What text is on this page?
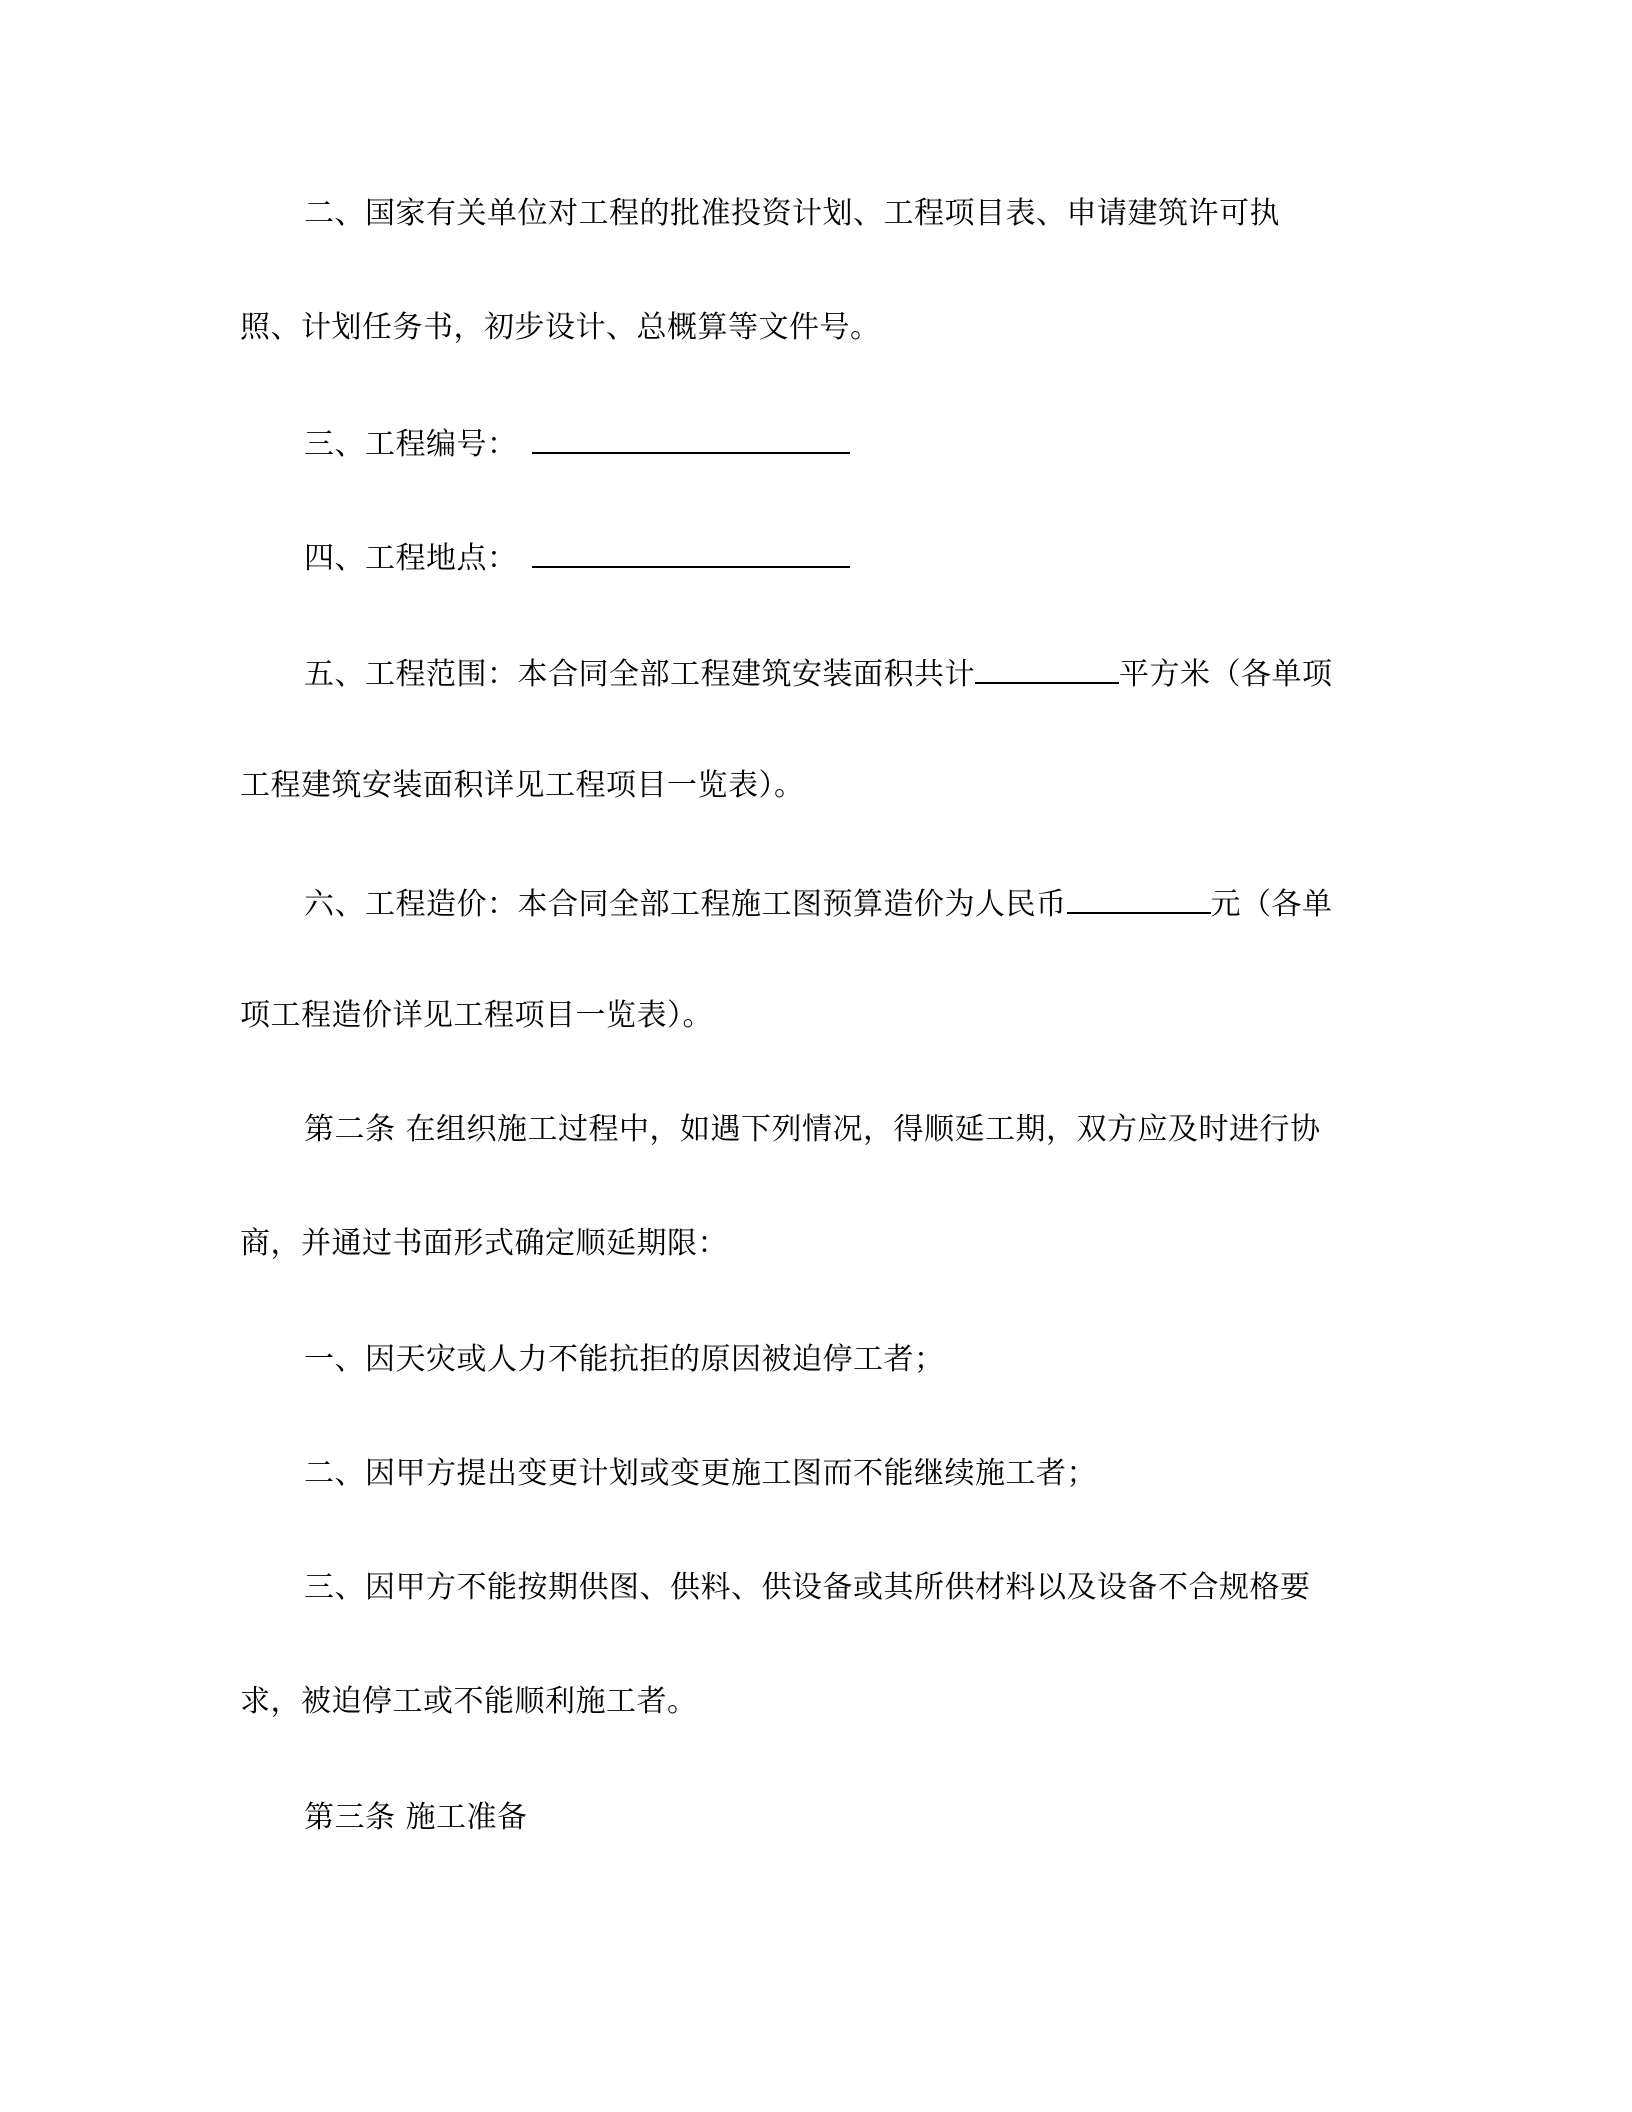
二、国家有关单位对工程的批准投资计划、工程项目表、申请建筑许可执
照、计划任务书，初步设计、总概算等文件号。
三、工程编号：
四、工程地点：
五、工程范围：本合同全部工程建筑安装面积共计	平方米（各单项
工程建筑安装面积详见工程项目一览表）。
六、工程造价：本合同全部工程施工图预算造价为人民币	元（各单
项工程造价详见工程项目一览表）。
第二条 在组织施工过程中，如遇下列情况，得顺延工期，双方应及时进行协
商，并通过书面形式确定顺延期限：
一、因天灾或人力不能抗拒的原因被迫停工者；
二、因甲方提出变更计划或变更施工图而不能继续施工者；
三、因甲方不能按期供图、供料、供设备或其所供材料以及设备不合规格要
求，被迫停工或不能顺利施工者。
第三条 施工准备
